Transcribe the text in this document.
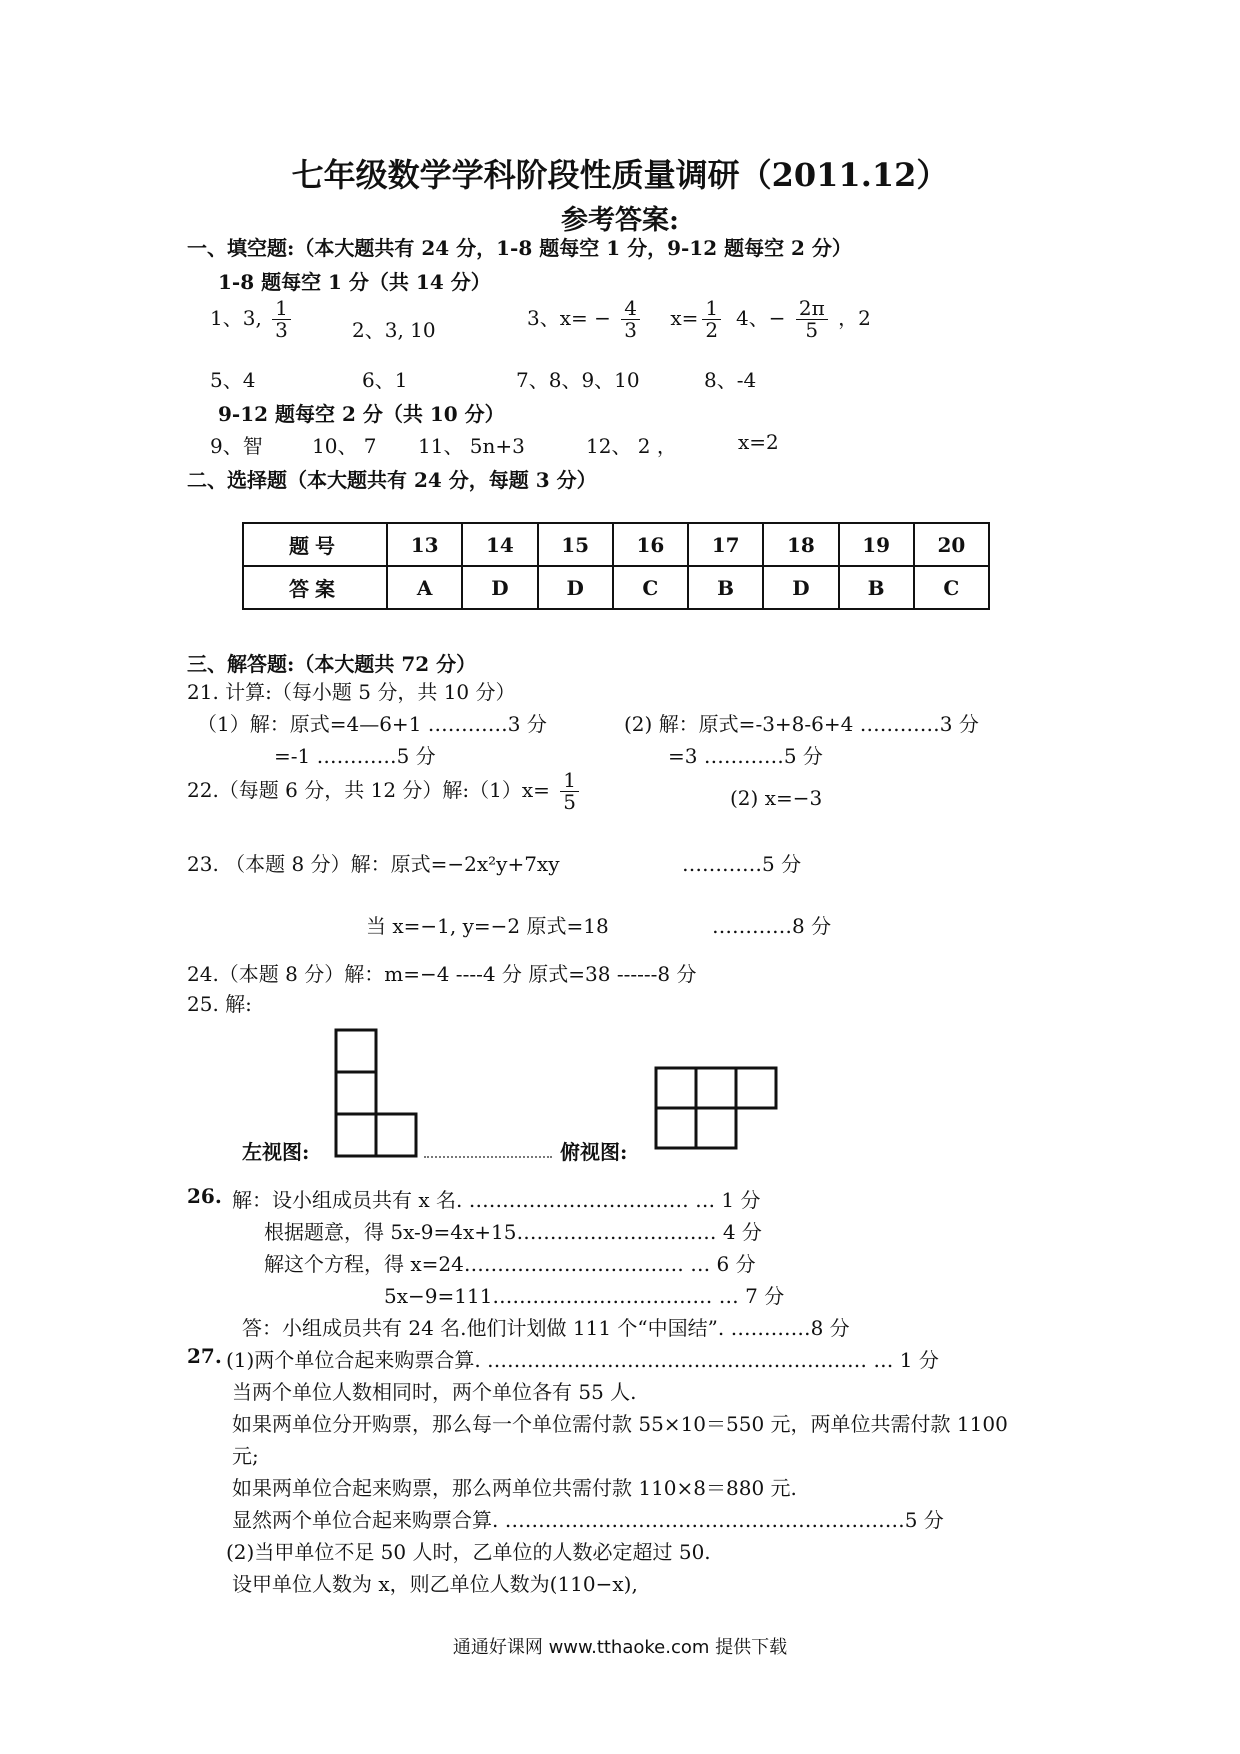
七年级数学学科阶段性质量调研（2011.12）
参考答案:
一、填空题:（本大题共有 24 分，1-8 题每空 1 分，9-12 题每空 2 分）
1-8 题每空 1 分（共 14 分）
1、3, $\frac{1}{3}$	2、3, 10	3、$x= - \frac{4}{3} x= \frac{1}{2} 4$、− $\frac{2\pi}{5}$ ，2
5、4	6、1	7、8、9、10	8、-4
9-12 题每空 2 分（共 10 分）
9、智 10、 7 11、 5n+3	12、 2 ，	x=2
二、选择题（本大题共有 24 分，每题 3 分）
题号	13	14	15	16	17	18	19	20
答案	A	D	D	C	B	D	B	C
三、解答题:（本大题共 72 分）
21. 计算:（每小题 5 分，共 10 分）
（1）解：原式=4—6+1 …………3 分
=-1 …………5 分
(2) 解：原式=-3+8-6+4 …………3 分
=3 …………5 分
22.（每题 6 分，共 12 分）解:（1）x= $\frac{1}{5}$	(2) x=−3
23. （本题 8 分）解：原式=−2x²y+7xy	…………5 分
当 x=−1, y=−2 原式=18	…………8 分
24.（本题 8 分）解：m=−4 ----4 分 原式=38 ------8 分
25. 解:
左视图:	俯视图:
26. 解：设小组成员共有 x 名. …………………………… … 1 分
根据题意，得 5x-9=4x+15………………………… 4 分
解这个方程，得 x=24…………………………… … 6 分
5x−9=111…………………………… … 7 分
答：小组成员共有 24 名.他们计划做 111 个“中国结”. …………8 分
27. (1)两个单位合起来购票合算. ………………………………………………… … 1 分
当两个单位人数相同时，两个单位各有 55 人.
如果两单位分开购票，那么每一个单位需付款 55×10＝550 元，两单位共需付款 1100
元;
如果两单位合起来购票，那么两单位共需付款 110×8＝880 元.
显然两个单位合起来购票合算. ……………………………………………………5 分
(2)当甲单位不足 50 人时，乙单位的人数必定超过 50.
设甲单位人数为 x，则乙单位人数为(110−x),
通通好课网 www.tthaoke.com 提供下载
